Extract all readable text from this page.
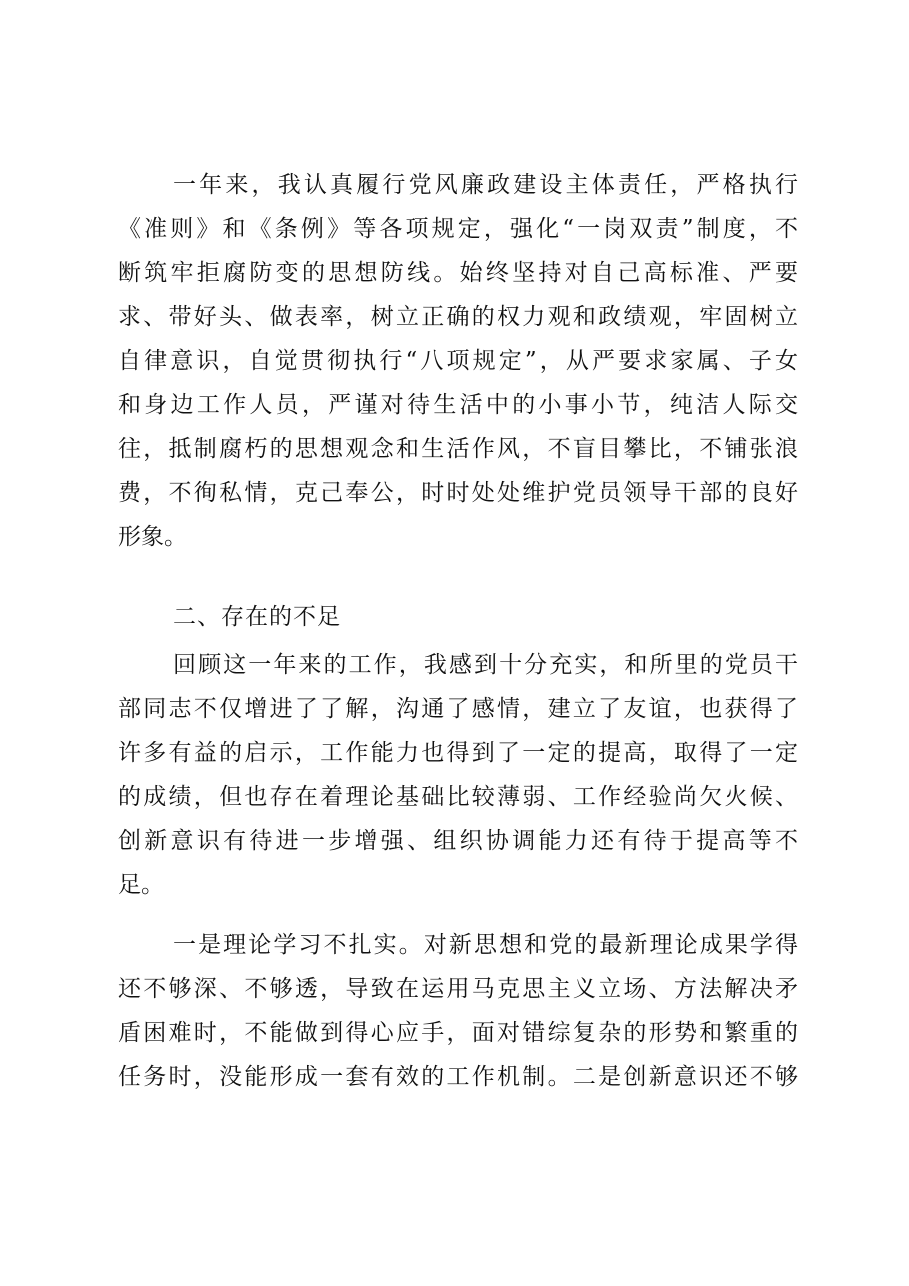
一年来，我认真履行党风廉政建设主体责任，严格执行
《准则》和《条例》等各项规定，强化“一岗双责”制度，不
断筑牢拒腐防变的思想防线。始终坚持对自己高标准、严要
求、带好头、做表率，树立正确的权力观和政绩观，牢固树立
自律意识，自觉贯彻执行“八项规定”，从严要求家属、子女
和身边工作人员，严谨对待生活中的小事小节，纯洁人际交
往，抵制腐朽的思想观念和生活作风，不盲目攀比，不铺张浪
费，不徇私情，克己奉公，时时处处维护党员领导干部的良好
形象。
二、存在的不足
回顾这一年来的工作，我感到十分充实，和所里的党员干
部同志不仅增进了了解，沟通了感情，建立了友谊，也获得了
许多有益的启示，工作能力也得到了一定的提高，取得了一定
的成绩，但也存在着理论基础比较薄弱、工作经验尚欠火候、
创新意识有待进一步增强、组织协调能力还有待于提高等不
足。
一是理论学习不扎实。对新思想和党的最新理论成果学得
还不够深、不够透，导致在运用马克思主义立场、方法解决矛
盾困难时，不能做到得心应手，面对错综复杂的形势和繁重的
任务时，没能形成一套有效的工作机制。二是创新意识还不够
